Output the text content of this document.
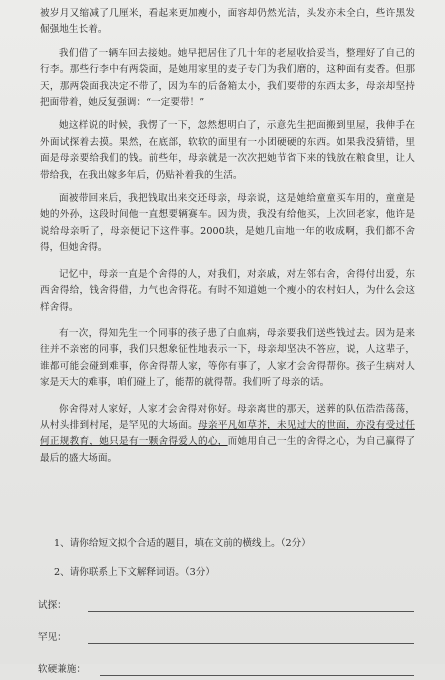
被岁月又缩减了几厘米，看起来更加瘦小，面容却仍然光洁，头发亦未全白，些许黑发倔强地生长着。

我们借了一辆车回去接她。她早把居住了几十年的老屋收拾妥当，整理好了自己的行李。那些行李中有两袋面，是她用家里的麦子专门为我们磨的，这种面有麦香。但那天，那两袋面我决定不带了，因为车的后备箱太小，我们要带的东西太多，母亲却坚持把面带着，她反复强调：“一定要带！”

她这样说的时候，我愣了一下，忽然想明白了，示意先生把面搬到里屋，我伸手在外面试探着去摸。果然，在底部，软软的面里有一小团硬硬的东西。如果我没猜错，里面是母亲要给我们的钱。前些年，母亲就是一次次把她节省下来的钱放在粮食里，让人带给我，在我出嫁多年后，仍贴补着我的生活。

面被带回来后，我把钱取出来交还母亲，母亲说，这是她给童童买车用的，童童是她的外孙，这段时间他一直想要辆赛车。因为贵，我没有给他买，上次回老家，他许是说给母亲听了，母亲便记下这件事。2000块，是她几亩地一年的收成啊，我们都不舍得，但她舍得。

记忆中，母亲一直是个舍得的人，对我们，对亲戚，对左邻右舍，舍得付出爱，东西舍得给，钱舍得借，力气也舍得花。有时不知道她一个瘦小的农村妇人，为什么会这样舍得。

有一次，得知先生一个同事的孩子患了白血病，母亲要我们送些钱过去。因为是来往并不亲密的同事，我们只想象征性地表示一下，母亲却坚决不答应，说，人这辈子，谁都可能会碰到难事，你舍得帮人家，等你有事了，人家才会舍得帮你。孩子生病对人家是天大的难事，咱们碰上了，能帮的就得帮。我们听了母亲的话。

你舍得对人家好，人家才会舍得对你好。母亲离世的那天，送葬的队伍浩浩荡荡，从村头排到村尾，是罕见的大场面。母亲平凡如草芥，未见过大的世面，亦没有受过任何正规教育，她只是有一颗舍得爱人的心，而她用自己一生的舍得之心，为自己赢得了最后的盛大场面。

1、请你给短文拟个合适的题目，填在文前的横线上。（2分）
2、请你联系上下文解释词语。（3分）
试探：
罕见：
软硬兼施：
